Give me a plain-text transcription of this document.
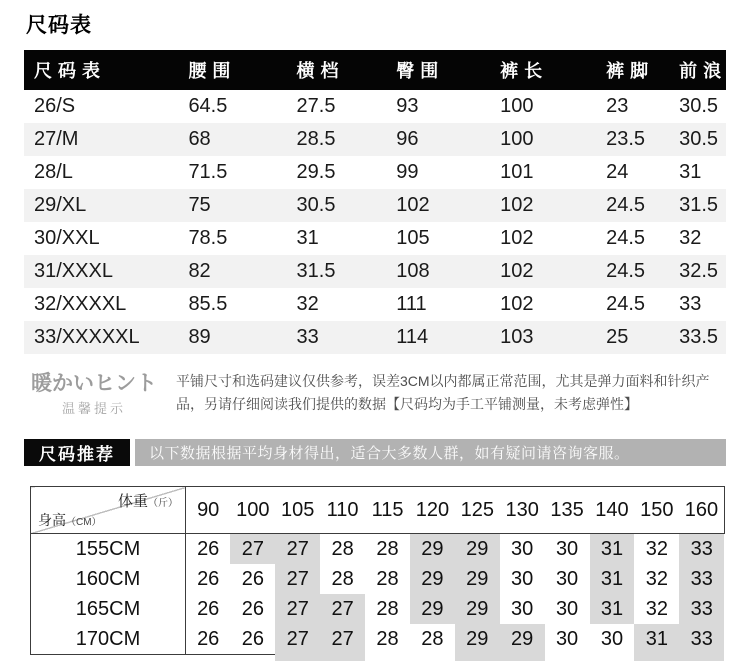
尺码表
尺码表	腰围	横档	臀围	裤长	裤脚	前浪
26/S	64.5	27.5	93	100	23	30.5
27/M	68	28.5	96	100	23.5	30.5
28/L	71.5	29.5	99	101	24	31
29/XL	75	30.5	102	102	24.5	31.5
30/XXL	78.5	31	105	102	24.5	32
31/XXXL	82	31.5	108	102	24.5	32.5
32/XXXXL	85.5	32	111	102	24.5	33
33/XXXXXL	89	33	114	103	25	33.5
暖かいヒント
温馨提示
平铺尺寸和选码建议仅供参考，误差3CM以内都属正常范围，尤其是弹力面料和针织产品，另请仔细阅读我们提供的数据【尺码均为手工平铺测量，未考虑弹性】
尺码推荐	以下数据根据平均身材得出，适合大多数人群，如有疑问请咨询客服。
体重（斤）
身高（CM）	90	100	105	110	115	120	125	130	135	140	150	160
155CM	26	27	27	28	28	29	29	30	30	31	32	33
160CM	26	26	27	28	28	29	29	30	30	31	32	33
165CM	26	26	27	27	28	29	29	30	30	31	32	33
170CM	26	26	27	27	28	28	29	29	30	30	31	33
